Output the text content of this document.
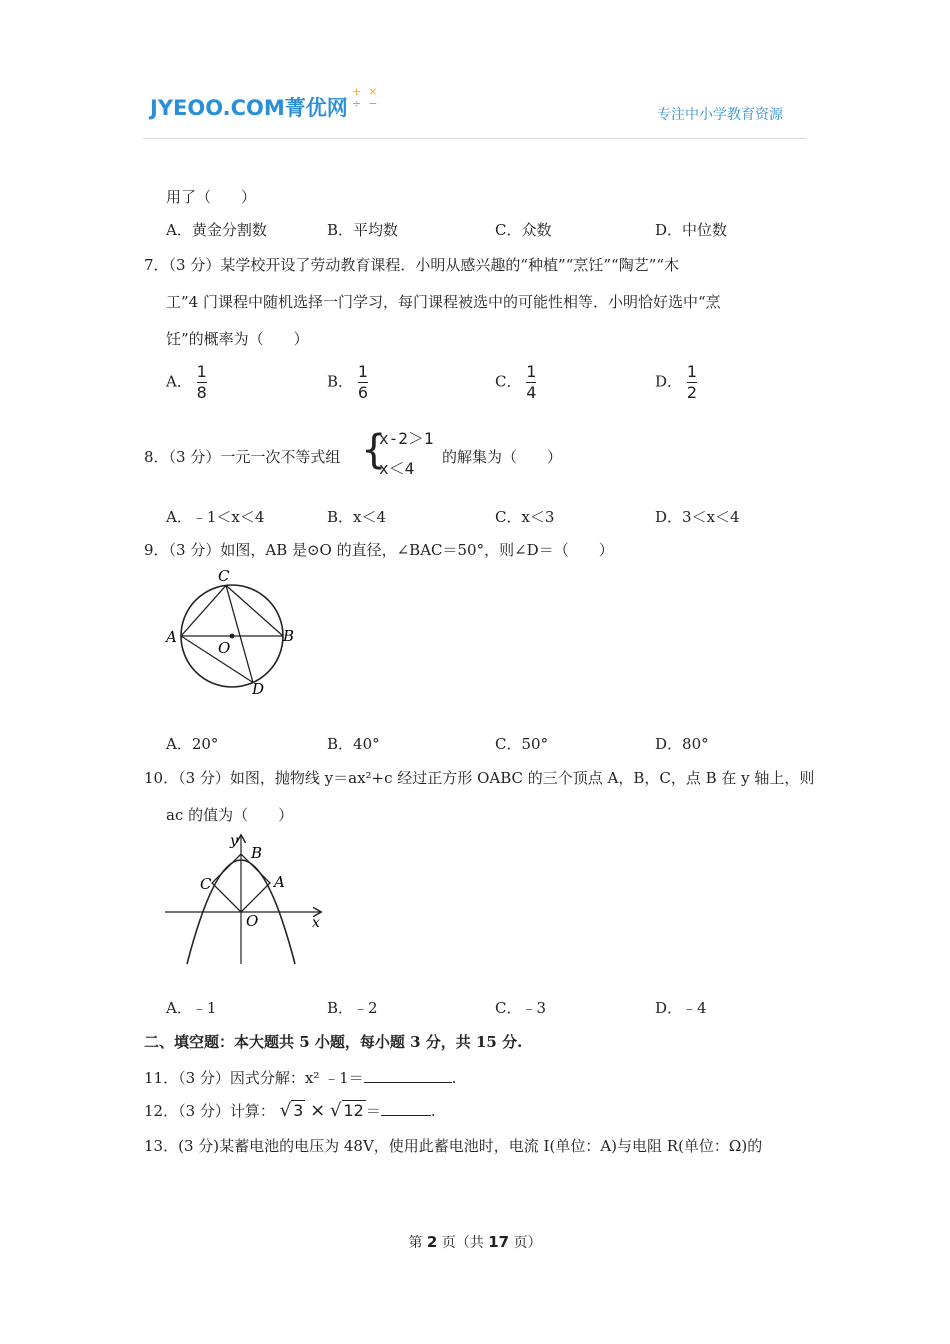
JYEOO.COM菁优网
+ ×
÷ −
专注中小学教育资源
用了（　　）
A．黄金分割数	B．平均数	C．众数	D．中位数
7．（3 分）某学校开设了劳动教育课程．小明从感兴趣的“种植”“烹饪”“陶艺”“木
工”4 门课程中随机选择一门学习，每门课程被选中的可能性相等．小明恰好选中“烹
饪”的概率为（　　）
A． $\frac{1}{8}$	B． $\frac{1}{6}$	C． $\frac{1}{4}$	D． $\frac{1}{2}$
8．（3 分）一元一次不等式组 {
x-2＞1
x＜4
的解集为（　　）
A．﹣1＜x＜4	B．x＜4	C．x＜3	D．3＜x＜4
9．（3 分）如图，AB 是⊙O 的直径，∠BAC＝50°，则∠D＝（　　）
C
A	B
O
D
A．20°	B．40°	C．50°	D．80°
10．（3 分）如图，抛物线 y＝ax²+c 经过正方形 OABC 的三个顶点 A，B，C，点 B 在 y 轴上，则
ac 的值为（　　）
y
x
B
C	A
O
A．﹣1	B．﹣2	C．﹣3	D．﹣4
二、填空题：本大题共 5 小题，每小题 3 分，共 15 分.
11．（3 分）因式分解：x² ﹣1＝	.
12．（3 分）计算： √ 3 × √ 12 ＝	.
13．(3 分)某蓄电池的电压为 48V，使用此蓄电池时，电流 I(单位：A)与电阻 R(单位：Ω)的
第 2 页（共 17 页）
